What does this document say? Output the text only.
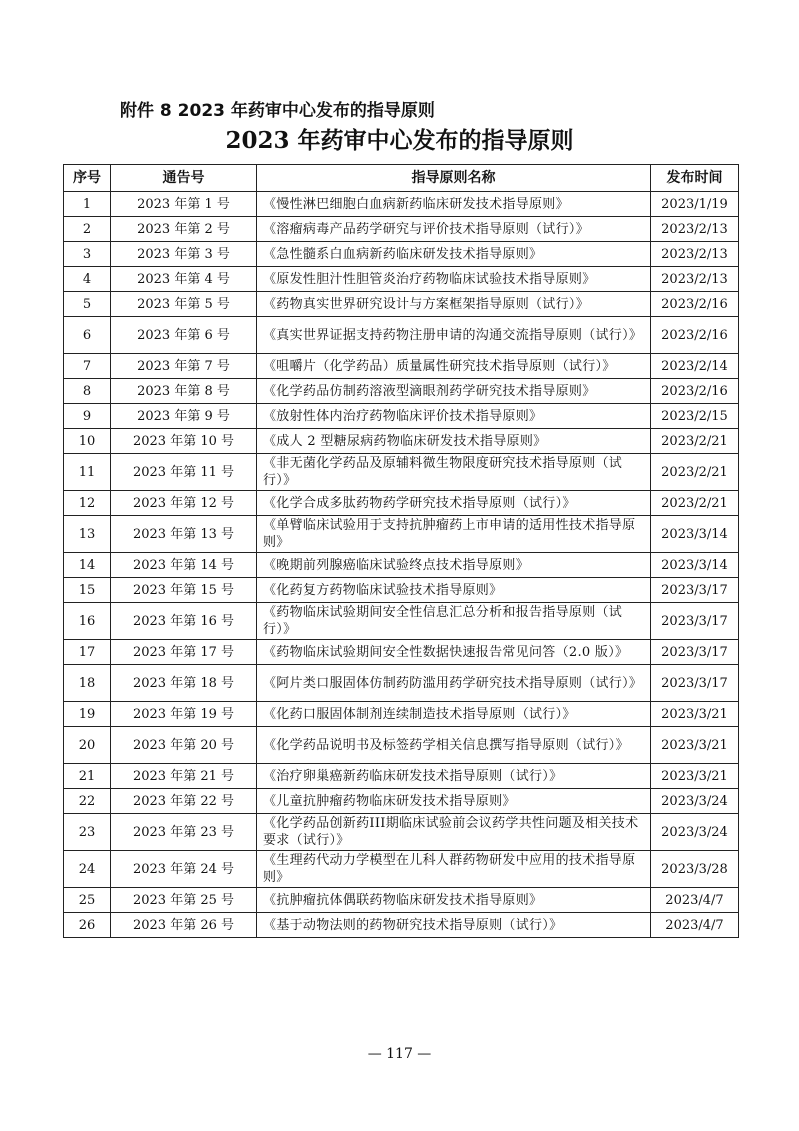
附件 8 2023 年药审中心发布的指导原则
2023 年药审中心发布的指导原则
序号	通告号	指导原则名称	发布时间
1	2023 年第 1 号	《慢性淋巴细胞白血病新药临床研发技术指导原则》	2023/1/19
2	2023 年第 2 号	《溶瘤病毒产品药学研究与评价技术指导原则（试行）》	2023/2/13
3	2023 年第 3 号	《急性髓系白血病新药临床研发技术指导原则》	2023/2/13
4	2023 年第 4 号	《原发性胆汁性胆管炎治疗药物临床试验技术指导原则》	2023/2/13
5	2023 年第 5 号	《药物真实世界研究设计与方案框架指导原则（试行）》	2023/2/16
6	2023 年第 6 号	《真实世界证据支持药物注册申请的沟通交流指导原则（试行）》	2023/2/16
7	2023 年第 7 号	《咀嚼片（化学药品）质量属性研究技术指导原则（试行）》	2023/2/14
8	2023 年第 8 号	《化学药品仿制药溶液型滴眼剂药学研究技术指导原则》	2023/2/16
9	2023 年第 9 号	《放射性体内治疗药物临床评价技术指导原则》	2023/2/15
10	2023 年第 10 号	《成人 2 型糖尿病药物临床研发技术指导原则》	2023/2/21
11	2023 年第 11 号	《非无菌化学药品及原辅料微生物限度研究技术指导原则（试行）》	2023/2/21
12	2023 年第 12 号	《化学合成多肽药物药学研究技术指导原则（试行）》	2023/2/21
13	2023 年第 13 号	《单臂临床试验用于支持抗肿瘤药上市申请的适用性技术指导原则》	2023/3/14
14	2023 年第 14 号	《晚期前列腺癌临床试验终点技术指导原则》	2023/3/14
15	2023 年第 15 号	《化药复方药物临床试验技术指导原则》	2023/3/17
16	2023 年第 16 号	《药物临床试验期间安全性信息汇总分析和报告指导原则（试行）》	2023/3/17
17	2023 年第 17 号	《药物临床试验期间安全性数据快速报告常见问答（2.0 版）》	2023/3/17
18	2023 年第 18 号	《阿片类口服固体仿制药防滥用药学研究技术指导原则（试行）》	2023/3/17
19	2023 年第 19 号	《化药口服固体制剂连续制造技术指导原则（试行）》	2023/3/21
20	2023 年第 20 号	《化学药品说明书及标签药学相关信息撰写指导原则（试行）》	2023/3/21
21	2023 年第 21 号	《治疗卵巢癌新药临床研发技术指导原则（试行）》	2023/3/21
22	2023 年第 22 号	《儿童抗肿瘤药物临床研发技术指导原则》	2023/3/24
23	2023 年第 23 号	《化学药品创新药III期临床试验前会议药学共性问题及相关技术要求（试行）》	2023/3/24
24	2023 年第 24 号	《生理药代动力学模型在儿科人群药物研发中应用的技术指导原则》	2023/3/28
25	2023 年第 25 号	《抗肿瘤抗体偶联药物临床研发技术指导原则》	2023/4/7
26	2023 年第 26 号	《基于动物法则的药物研究技术指导原则（试行）》	2023/4/7
— 117 —
